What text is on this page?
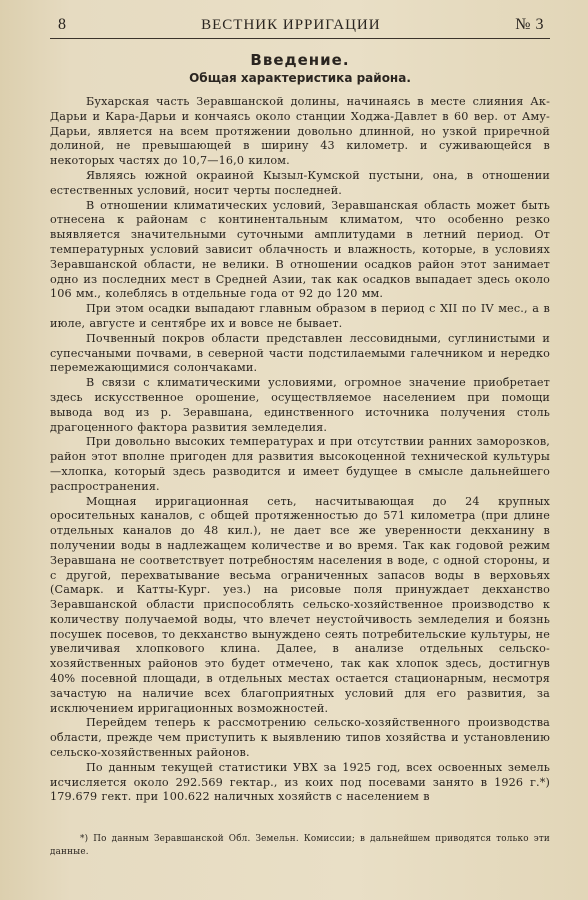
8	ВЕСТНИК ИРРИГАЦИИ	№ 3
Введение.
Общая характеристика района.

Бухарская часть Зеравшанской долины, начинаясь в месте слияния Ак-Дарьи и Кара-Дарьи и кончаясь около станции Ходжа-Давлет в 60 вер. от Аму-Дарьи, является на всем протяжении довольно длинной, но узкой приречной долиной, не превышающей в ширину 43 километр. и суживающейся в некоторых частях до 10,7—16,0 килом.

Являясь южной окраиной Кызыл-Кумской пустыни, она, в отношении естественных условий, носит черты последней.

В отношении климатических условий, Зеравшанская область может быть отнесена к районам с континентальным климатом, что особенно резко выявляется значительными суточными амплитудами в летний период. От температурных условий зависит облачность и влажность, которые, в условиях Зеравшанской области, не велики. В отношении осадков район этот занимает одно из последних мест в Средней Азии, так как осадков выпадает здесь около 106 мм., колеблясь в отдельные года от 92 до 120 мм.

При этом осадки выпадают главным образом в период с XII по IV мес., а в июле, августе и сентябре их и вовсе не бывает.

Почвенный покров области представлен лессовидными, суглинистыми и супесчаными почвами, в северной части подстилаемыми галечником и нередко перемежающимися солончаками.

В связи с климатическими условиями, огромное значение приобретает здесь искусственное орошение, осуществляемое населением при помощи вывода вод из р. Зеравшана, единственного источника получения столь драгоценного фактора развития земледелия.

При довольно высоких температурах и при отсутствии ранних заморозков, район этот вполне пригоден для развития высокоценной технической культуры—хлопка, который здесь разводится и имеет будущее в смысле дальнейшего распространения.

Мощная ирригационная сеть, насчитывающая до 24 крупных оросительных каналов, с общей протяженностью до 571 километра (при длине отдельных каналов до 48 кил.), не дает все же уверенности декханину в получении воды в надлежащем количестве и во время. Так как годовой режим Зеравшана не соответствует потребностям населения в воде, с одной стороны, и с другой, перехватывание весьма ограниченных запасов воды в верховьях (Самарк. и Катты-Кург. уез.) на рисовые поля принуждает декханство Зеравшанской области приспособлять сельско-хозяйственное производство к количеству получаемой воды, что влечет неустойчивость земледелия и боязнь посушек посевов, то декханство вынуждено сеять потребительские культуры, не увеличивая хлопкового клина. Далее, в анализе отдельных сельско-хозяйственных районов это будет отмечено, так как хлопок здесь, достигнув 40% посевной площади, в отдельных местах остается стационарным, несмотря зачастую на наличие всех благоприятных условий для его развития, за исключением ирригационных возможностей.

Перейдем теперь к рассмотрению сельско-хозяйственного производства области, прежде чем приступить к выявлению типов хозяйства и установлению сельско-хозяйственных районов.

По данным текущей статистики УВХ за 1925 год, всех освоенных земель исчисляется около 292.569 гектар., из коих под посевами занято в 1926 г.*) 179.679 гект. при 100.622 наличных хозяйств с населением в

*) По данным Зеравшанской Обл. Земельн. Комиссии; в дальнейшем приводятся только эти данные.
